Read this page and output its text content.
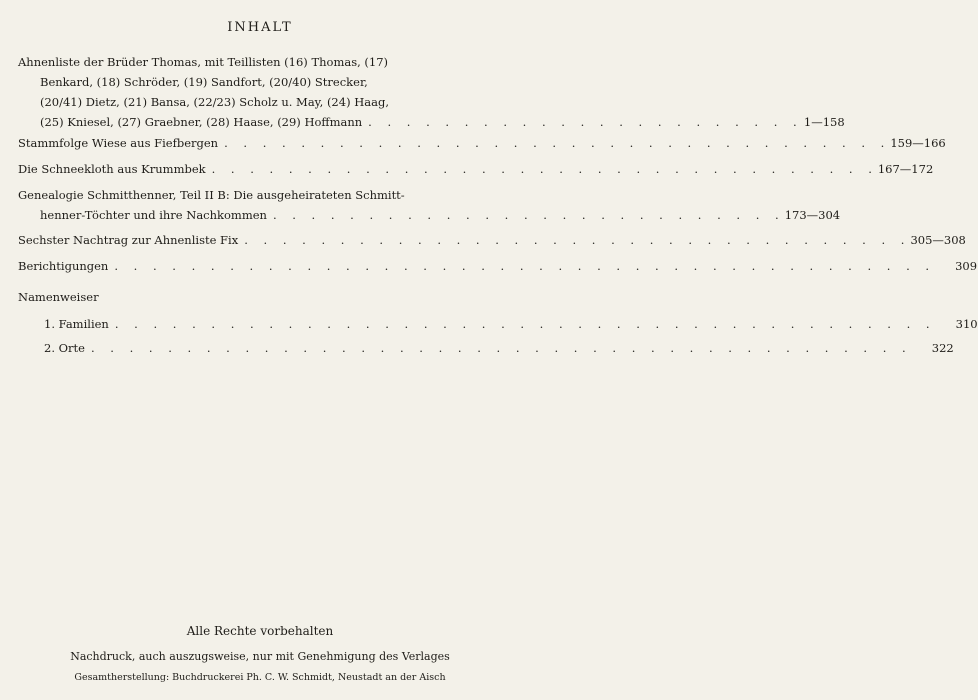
INHALT
Ahnenliste der Brüder Thomas, mit Teillisten (16) Thomas, (17)
Benkard, (18) Schröder, (19) Sandfort, (20/40) Strecker,
(20/41) Dietz, (21) Bansa, (22/23) Scholz u. May, (24) Haag,
(25) Kniesel, (27) Graebner, (28) Haase, (29) Hoffmann . . . . . . . . . . . . . . . . . . . . . . . 1—158
Stammfolge Wiese aus Fiefbergen . . . . . . . . . . . . . . . . . . . . . . . . . . . . . . . . . . . 159—166
Die Schneekloth aus Krummbek . . . . . . . . . . . . . . . . . . . . . . . . . . . . . . . . . . . 167—172
Genealogie Schmitthenner, Teil II B: Die ausgeheirateten Schmitt-
henner-Töchter und ihre Nachkommen . . . . . . . . . . . . . . . . . . . . . . . . . . . 173—304
Sechster Nachtrag zur Ahnenliste Fix . . . . . . . . . . . . . . . . . . . . . . . . . . . . . . . . . . . 305—308
Berichtigungen . . . . . . . . . . . . . . . . . . . . . . . . . . . . . . . . . . . . . . . . . . .	309
Namenweiser
1. Familien . . . . . . . . . . . . . . . . . . . . . . . . . . . . . . . . . . . . . . . . . . .	310
2. Orte . . . . . . . . . . . . . . . . . . . . . . . . . . . . . . . . . . . . . . . . . . .	322
Alle Rechte vorbehalten
Nachdruck, auch auszugsweise, nur mit Genehmigung des Verlages
Gesamtherstellung: Buchdruckerei Ph. C. W. Schmidt, Neustadt an der Aisch
